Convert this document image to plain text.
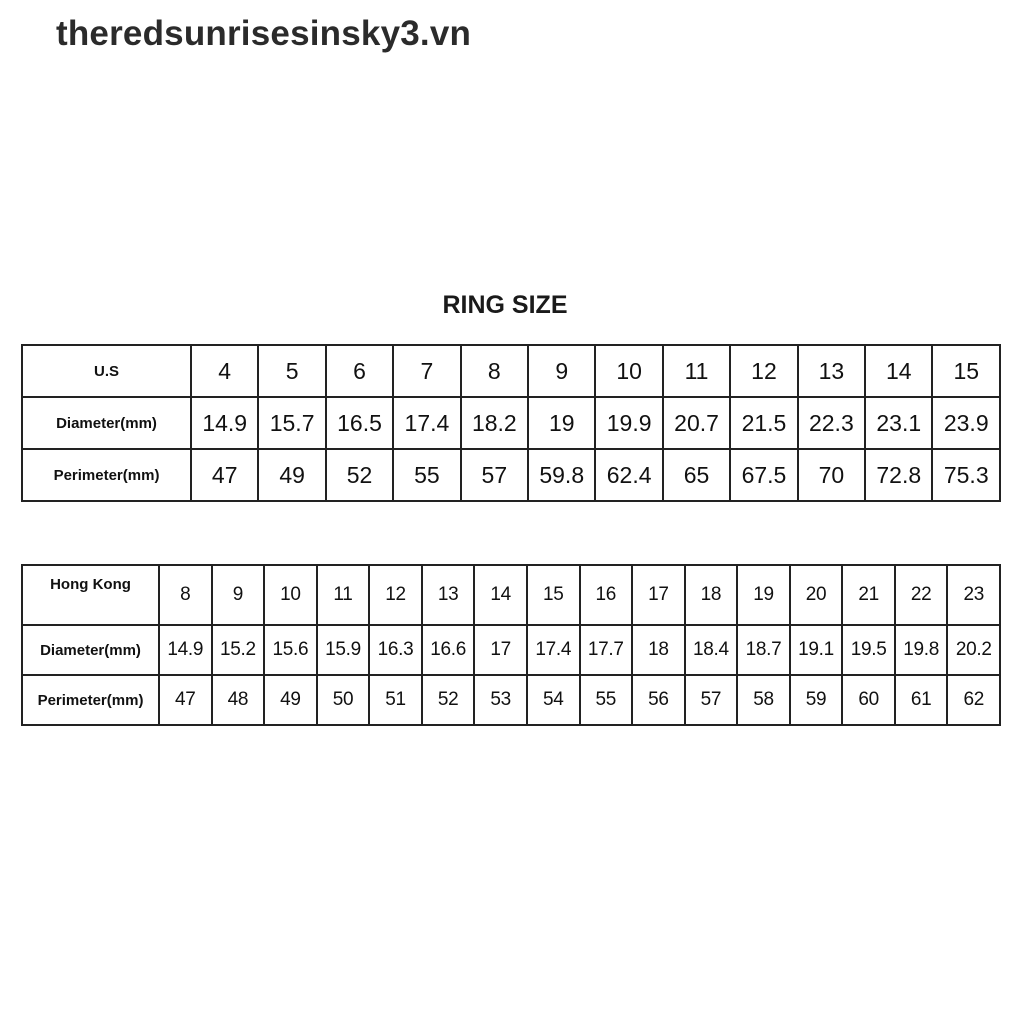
theredsunrisesinsky3.vn
RING SIZE
U.S	4	5	6	7	8	9	10	11	12	13	14	15
Diameter(mm)	14.9	15.7	16.5	17.4	18.2	19	19.9	20.7	21.5	22.3	23.1	23.9
Perimeter(mm)	47	49	52	55	57	59.8	62.4	65	67.5	70	72.8	75.3
Hong Kong	8	9	10	11	12	13	14	15	16	17	18	19	20	21	22	23
Diameter(mm)	14.9	15.2	15.6	15.9	16.3	16.6	17	17.4	17.7	18	18.4	18.7	19.1	19.5	19.8	20.2
Perimeter(mm)	47	48	49	50	51	52	53	54	55	56	57	58	59	60	61	62
